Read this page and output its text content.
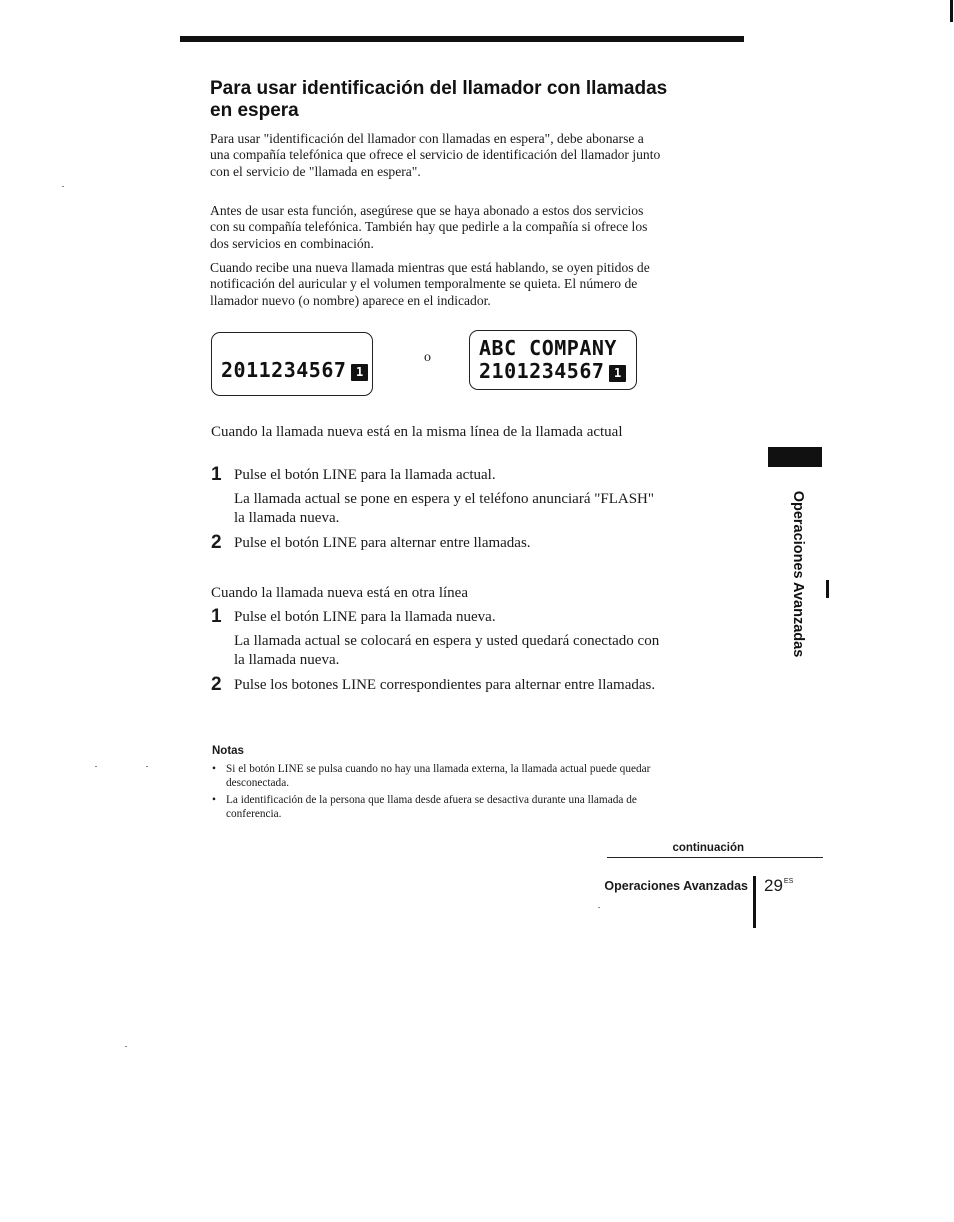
Para usar identificación del llamador con llamadas en espera

Para usar "identificación del llamador con llamadas en espera", debe abonarse a una compañía telefónica que ofrece el servicio de identificación del llamador junto con el servicio de "llamada en espera".

Antes de usar esta función, asegúrese que se haya abonado a estos dos servicios con su compañía telefónica. También hay que pedirle a la compañía si ofrece los dos servicios en combinación.

Cuando recibe una nueva llamada mientras que está hablando, se oyen pitidos de notificación del auricular y el volumen temporalmente se quieta. El número de llamador nuevo (o nombre) aparece en el indicador.

2011234567 1
o ABC COMPANY
2101234567 1
Cuando la llamada nueva está en la misma línea de la llamada actual
1 Pulse el botón LINE para la llamada actual.

La llamada actual se pone en espera y el teléfono anunciará "FLASH" la llamada nueva.

2 Pulse el botón LINE para alternar entre llamadas.

Cuando la llamada nueva está en otra línea
1 Pulse el botón LINE para la llamada nueva.

La llamada actual se colocará en espera y usted quedará conectado con la llamada nueva.

2 Pulse los botones LINE correspondientes para alternar entre llamadas.

Notas
• Si el botón LINE se pulsa cuando no hay una llamada externa, la llamada actual puede quedar desconectada.
• La identificación de la persona que llama desde afuera se desactiva durante una llamada de conferencia.
Operaciones Avanzadas
continuación
Operaciones Avanzadas $29^{ES}$
